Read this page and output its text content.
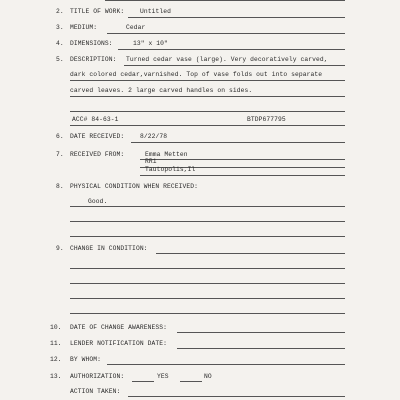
2. TITLE OF WORK: Untitled
3. MEDIUM:	Cedar
4. DIMENSIONS:	13" x 10"
5. DESCRIPTION: Turned cedar vase (large). Very decoratively carved,
dark colored cedar,varnished. Top of vase folds out into separate
carved leaves. 2 large carved handles on sides.
ACC# 84-63-1	BTDP677795
6. DATE RECEIVED: 8/22/78
7. RECEIVED FROM:	Emma Metten
RR1
Tautopolis,Il
8. PHYSICAL CONDITION WHEN RECEIVED:
Good.
9. CHANGE IN CONDITION:
10. DATE OF CHANGE AWARENESS:
11. LENDER NOTIFICATION DATE:
12. BY WHOM:
13. AUTHORIZATION:	YES	NO
ACTION TAKEN:
